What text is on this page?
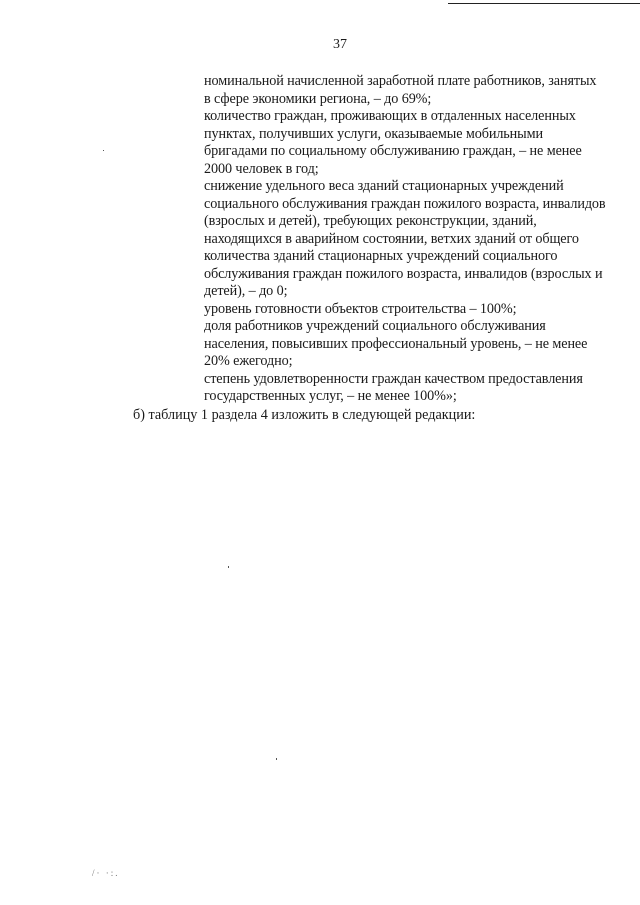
37
номинальной начисленной заработной плате работников, занятых
в сфере экономики региона, – до 69%;
количество граждан, проживающих в отдаленных населенных
пунктах, получивших услуги, оказываемые мобильными
бригадами по социальному обслуживанию граждан, – не менее
2000 человек в год;
снижение удельного веса зданий стационарных учреждений
социального обслуживания граждан пожилого возраста, инвалидов
(взрослых и детей), требующих реконструкции, зданий,
находящихся в аварийном состоянии, ветхих зданий от общего
количества зданий стационарных учреждений социального
обслуживания граждан пожилого возраста, инвалидов (взрослых и
детей), – до 0;
уровень готовности объектов строительства – 100%;
доля работников учреждений социального обслуживания
населения, повысивших профессиональный уровень, – не менее
20% ежегодно;
степень удовлетворенности граждан качеством предоставления
государственных услуг, – не менее 100%»;
б) таблицу 1 раздела 4 изложить в следующей редакции:
/· ·:.
